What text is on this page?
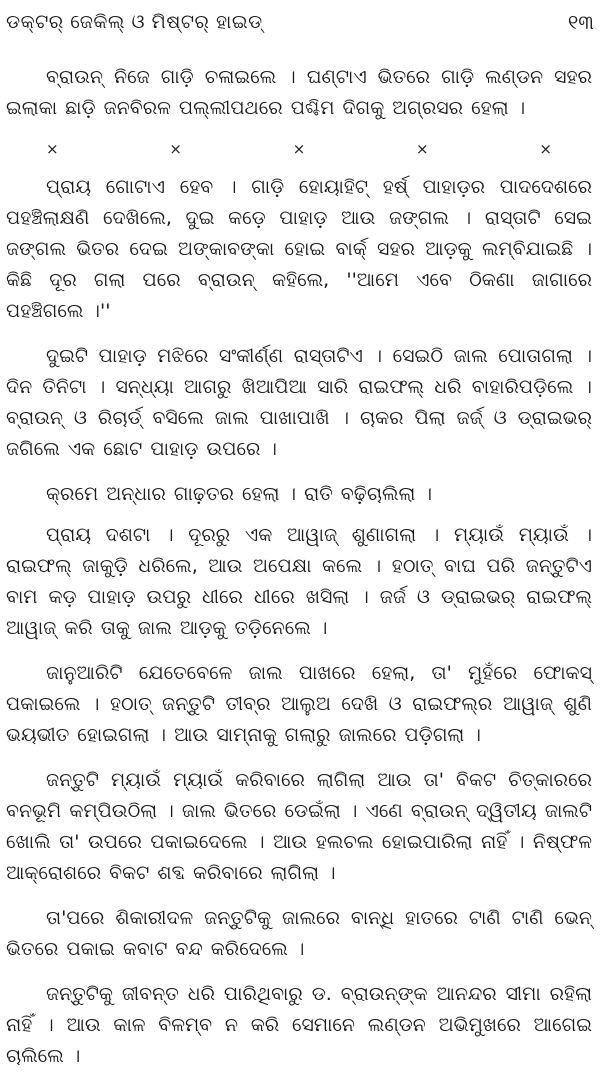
ଡକ୍ଟର୍ ଜେକିଲ୍ ଓ ମିଷ୍ଟର୍ ହାଇଡ୍	୧୩

ବ୍ରାଉନ୍ ନିଜେ ଗାଡ଼ି ଚଳାଇଲେ । ଘଣ୍ଟାଏ ଭିତରେ ଗାଡ଼ି ଲଣ୍ଡନ ସହର ଇଲାକା ଛାଡ଼ି ଜନବିରଳ ପଲ୍ଲୀପଥରେ ପଶ୍ଚିମ ଦିଗକୁ ଅଗ୍ରସର ହେଲା ।

×	×	×	×	×

ପ୍ରାୟ ଗୋଟାଏ ହେବ । ଗାଡ଼ି ହୋୟାହିଟ୍ ହର୍ଷ୍ ପାହାଡ଼ର ପାଦଦେଶରେ ପହଞ୍ଚିଲାକ୍ଷଣି ଦେଖିଲେ, ଦୁଇ କଡ଼େ ପାହାଡ଼ ଆଉ ଜଙ୍ଗଲ । ରାସ୍ତାଟି ସେଇ ଜଙ୍ଗଲ ଭିତର ଦେଇ ଅଙ୍କାବଙ୍କା ହୋଇ ବାର୍କ୍ ସହର ଆଡ଼କୁ ଲମ୍ବିଯାଇଛି । କିଛି ଦୂର ଗଲା ପରେ ବ୍ରାଉନ୍ କହିଲେ, ''ଆମେ ଏବେ ଠିକଣା ଜାଗାରେ ପହଞ୍ଚିଗଲେ ।''

ଦୁଇଟି ପାହାଡ଼ ମଝିରେ ସଂକୀର୍ଣ୍ଣ ରାସ୍ତାଟିଏ । ସେଇଠି ଜାଲ ପୋତାଗଲା । ଦିନ ତିନିଟା । ସନ୍ଧ୍ୟା ଆଗରୁ ଖିଆପିଆ ସାରି ରାଇଫଲ୍ ଧରି ବାହାରିପଡ଼ିଲେ । ବ୍ରାଉନ୍ ଓ ରିଚାର୍ଡ୍ ବସିଲେ ଜାଲ ପାଖାପାଖି । ଚାକର ପିଲା ଜର୍ଜ୍ ଓ ଡ୍ରାଇଭର୍ ଜଗିଲେ ଏକ ଛୋଟ ପାହାଡ଼ ଉପରେ ।

କ୍ରମେ ଅନ୍ଧାର ଗାଢ଼ତର ହେଲା । ରାତି ବଢ଼ିଚାଲିଲା ।

ପ୍ରାୟ ଦଶଟା । ଦୂରରୁ ଏକ ଆୱାଜ୍ ଶୁଣାଗଲା । ମ୍ୟାଉଁ ମ୍ୟାଉଁ । ରାଇଫଲ୍ ଜାକୁଡ଼ି ଧରିଲେ, ଆଉ ଅପେକ୍ଷା କଲେ । ହଠାତ୍ ବାଘ ପରି ଜନ୍ତୁଟିଏ ବାମ କଡ଼ ପାହାଡ଼ ଉପରୁ ଧୀରେ ଧୀରେ ଖସିଲା । ଜର୍ଜ ଓ ଡ୍ରାଇଭର୍ ରାଇଫଲ୍ ଆୱାଜ୍ କରି ତାକୁ ଜାଲ ଆଡ଼କୁ ତଡ଼ିନେଲେ ।

ଜାନୁଆରିଟି ଯେତେବେଳେ ଜାଲ ପାଖରେ ହେଲା, ତା' ମୁହଁରେ ଫୋକସ୍ ପକାଇଲେ । ହଠାତ୍ ଜନ୍ତୁଟି ତୀବ୍ର ଆଲୁଅ ଦେଖି ଓ ରାଇଫଲ୍ର ଆୱାଜ୍ ଶୁଣି ଭୟଭୀତ ହୋଇଗଲା । ଆଉ ସାମ୍ନାକୁ ଗଲାରୁ ଜାଲରେ ପଡ଼ିଗଲା ।

ଜନ୍ତୁଟି ମ୍ୟାଉଁ ମ୍ୟାଉଁ କରିବାରେ ଲାଗିଲା ଆଉ ତା' ବିକଟ ଚିତ୍କାରରେ ବନଭୂମି କମ୍ପିଉଠିଲା । ଜାଲ ଭିତରେ ଡେଇଁଲା । ଏଣେ ବ୍ରାଉନ୍ ଦ୍ୱିତୀୟ ଜାଲଟି ଖୋଲି ତା' ଉପରେ ପକାଇଦେଲେ । ଆଉ ହଲଚଲ ହୋଇପାରିଲା ନାହିଁ । ନିଷ୍ଫଳ ଆକ୍ରୋଶରେ ବିକଟ ଶବ୍ଦ କରିବାରେ ଲାଗିଲା ।

ତା'ପରେ ଶିକାରୀଦଳ ଜନ୍ତୁଟିକୁ ଜାଲରେ ବାନ୍ଧି ହାତରେ ଟାଣି ଟାଣି ଭେନ୍ ଭିତରେ ପକାଇ କବାଟ ବନ୍ଦ କରିଦେଲେ ।

ଜନ୍ତୁଟିକୁ ଜୀବନ୍ତ ଧରି ପାରିଥିବାରୁ ଡ. ବ୍ରାଉନ୍ଙ୍କ ଆନନ୍ଦର ସୀମା ରହିଲା ନାହିଁ । ଆଉ କାଳ ବିଳମ୍ବ ନ କରି ସେମାନେ ଲଣ୍ଡନ ଅଭିମୁଖରେ ଆଗେଇ ଚାଲିଲେ ।
